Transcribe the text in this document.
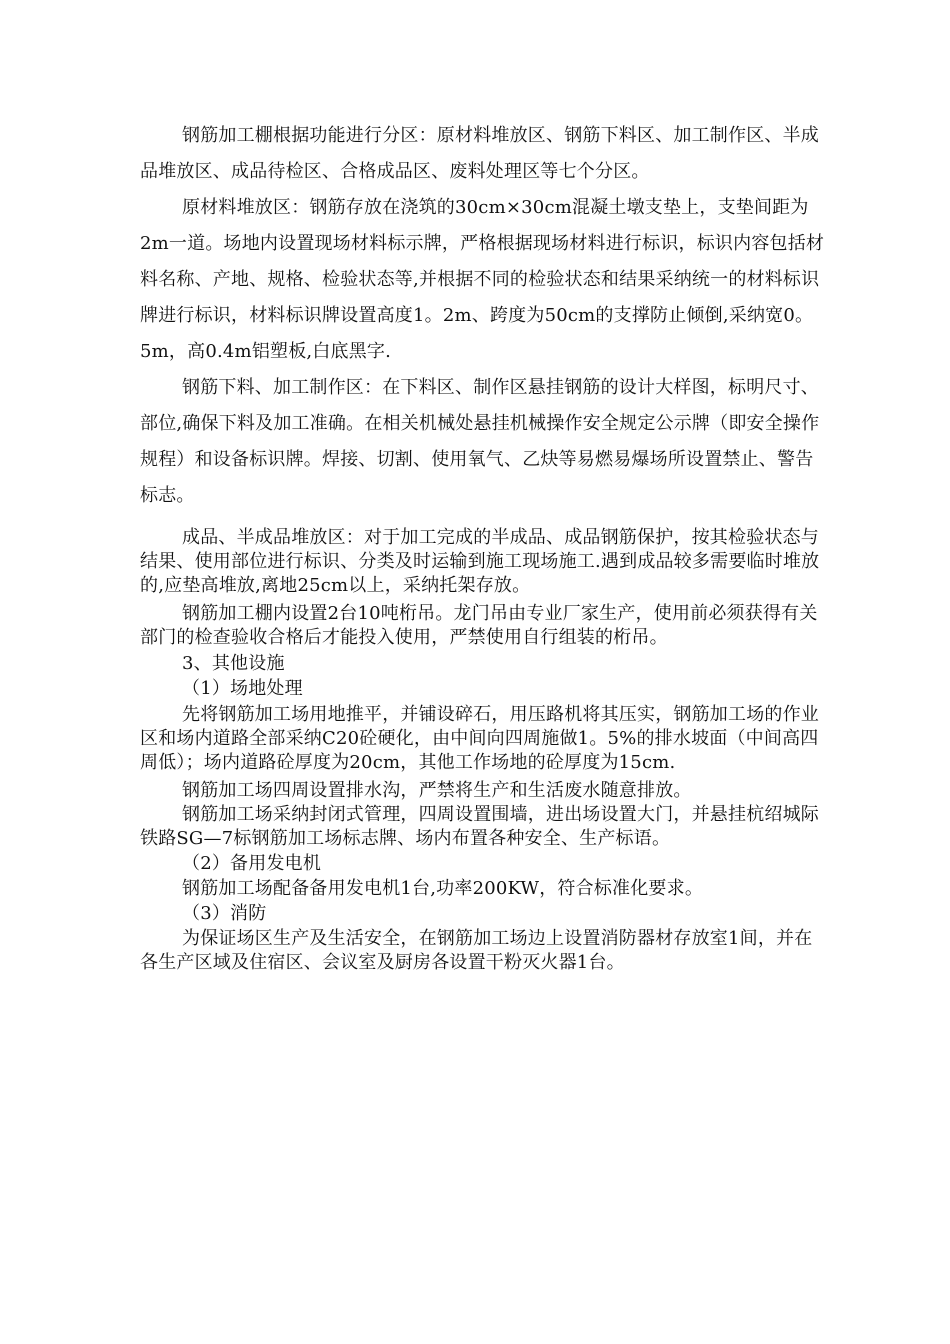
钢筋加工棚根据功能进行分区：原材料堆放区、钢筋下料区、加工制作区、半成品堆放区、成品待检区、合格成品区、废料处理区等七个分区。

原材料堆放区：钢筋存放在浇筑的30cm×30cm混凝土墩支垫上，支垫间距为2m一道。场地内设置现场材料标示牌，严格根据现场材料进行标识，标识内容包括材料名称、产地、规格、检验状态等,并根据不同的检验状态和结果采纳统一的材料标识牌进行标识，材料标识牌设置高度1。2m、跨度为50cm的支撑防止倾倒,采纳宽0。5m，高0.4m铝塑板,白底黑字.

钢筋下料、加工制作区：在下料区、制作区悬挂钢筋的设计大样图，标明尺寸、部位,确保下料及加工准确。在相关机械处悬挂机械操作安全规定公示牌（即安全操作规程）和设备标识牌。焊接、切割、使用氧气、乙炔等易燃易爆场所设置禁止、警告标志。

成品、半成品堆放区：对于加工完成的半成品、成品钢筋保护，按其检验状态与结果、使用部位进行标识、分类及时运输到施工现场施工.遇到成品较多需要临时堆放的,应垫高堆放,离地25cm以上，采纳托架存放。

钢筋加工棚内设置2台10吨桁吊。龙门吊由专业厂家生产，使用前必须获得有关部门的检查验收合格后才能投入使用，严禁使用自行组装的桁吊。

3、其他设施

（1）场地处理

先将钢筋加工场用地推平，并铺设碎石，用压路机将其压实，钢筋加工场的作业区和场内道路全部采纳C20砼硬化，由中间向四周施做1。5%的排水坡面（中间高四周低）；场内道路砼厚度为20cm，其他工作场地的砼厚度为15cm.

钢筋加工场四周设置排水沟，严禁将生产和生活废水随意排放。

钢筋加工场采纳封闭式管理，四周设置围墙，进出场设置大门，并悬挂杭绍城际铁路SG—7标钢筋加工场标志牌、场内布置各种安全、生产标语。

（2）备用发电机

钢筋加工场配备备用发电机1台,功率200KW，符合标准化要求。

（3）消防

为保证场区生产及生活安全，在钢筋加工场边上设置消防器材存放室1间，并在各生产区域及住宿区、会议室及厨房各设置干粉灭火器1台。
